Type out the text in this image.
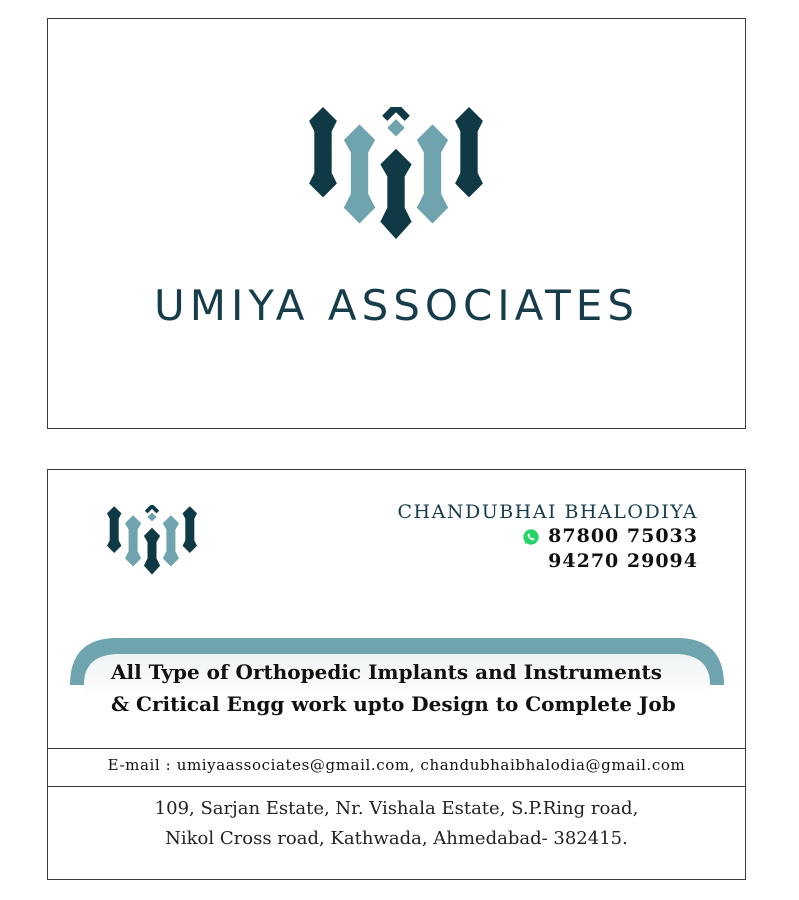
UMIYA ASSOCIATES
CHANDUBHAI BHALODIYA
87800 75033
94270 29094
All Type of Orthopedic Implants and Instruments
& Critical Engg work upto Design to Complete Job
E-mail : umiyaassociates@gmail.com, chandubhaibhalodia@gmail.com
109, Sarjan Estate, Nr. Vishala Estate, S.P.Ring road,
Nikol Cross road, Kathwada, Ahmedabad- 382415.
